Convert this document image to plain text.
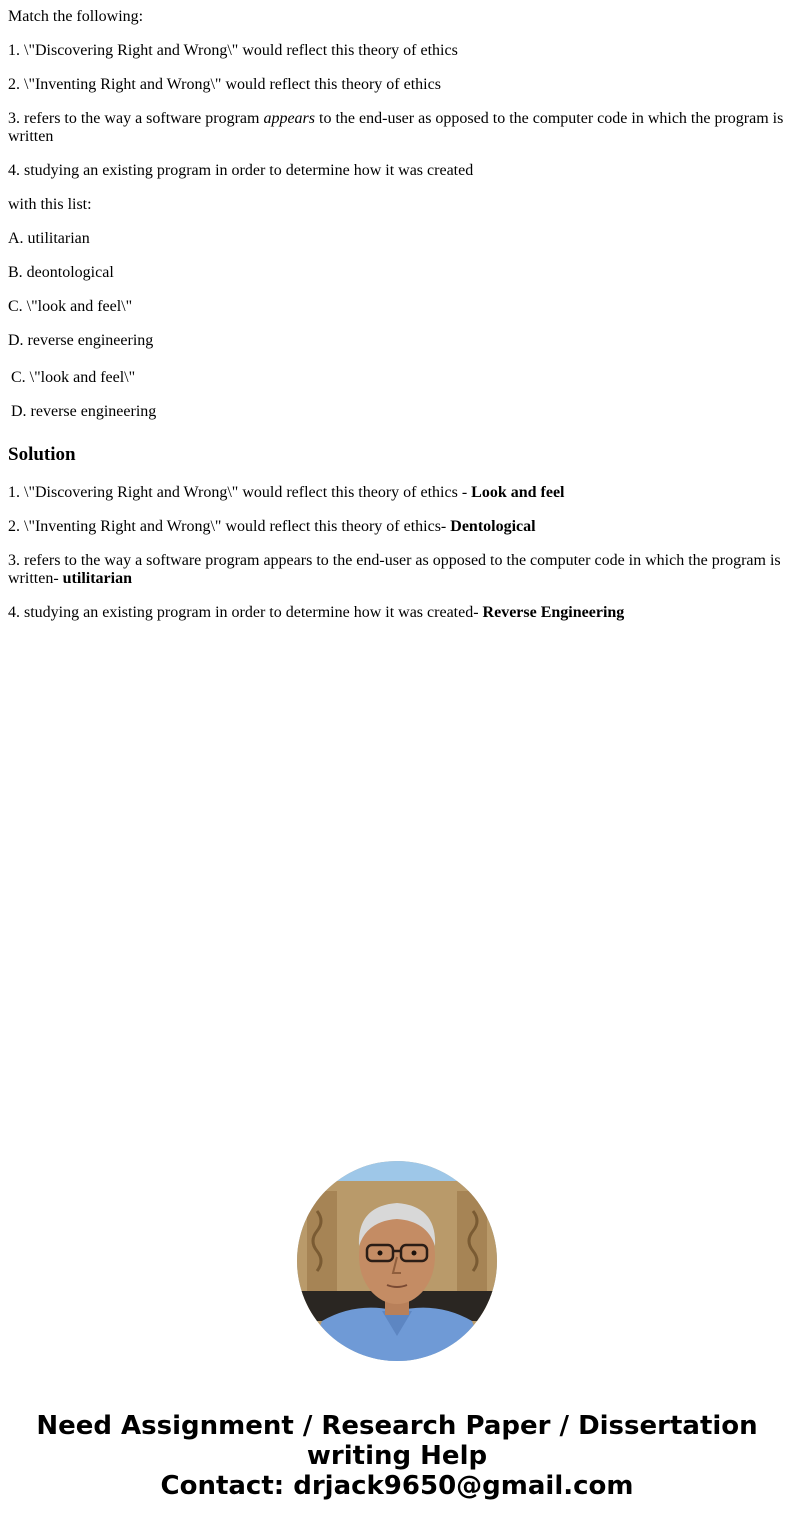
Match the following:

1. \"Discovering Right and Wrong\" would reflect this theory of ethics

2. \"Inventing Right and Wrong\" would reflect this theory of ethics

3. refers to the way a software program appears to the end-user as opposed to the computer code in which the program is written

4. studying an existing program in order to determine how it was created

with this list:

A. utilitarian

B. deontological

C. \"look and feel\"

D. reverse engineering

C. \"look and feel\"

D. reverse engineering

Solution

1. \"Discovering Right and Wrong\" would reflect this theory of ethics - Look and feel

2. \"Inventing Right and Wrong\" would reflect this theory of ethics- Dentological

3. refers to the way a software program appears to the end-user as opposed to the computer code in which the program is written- utilitarian

4. studying an existing program in order to determine how it was created- Reverse Engineering

Need Assignment / Research Paper / Dissertation
writing Help
Contact: drjack9650@gmail.com
